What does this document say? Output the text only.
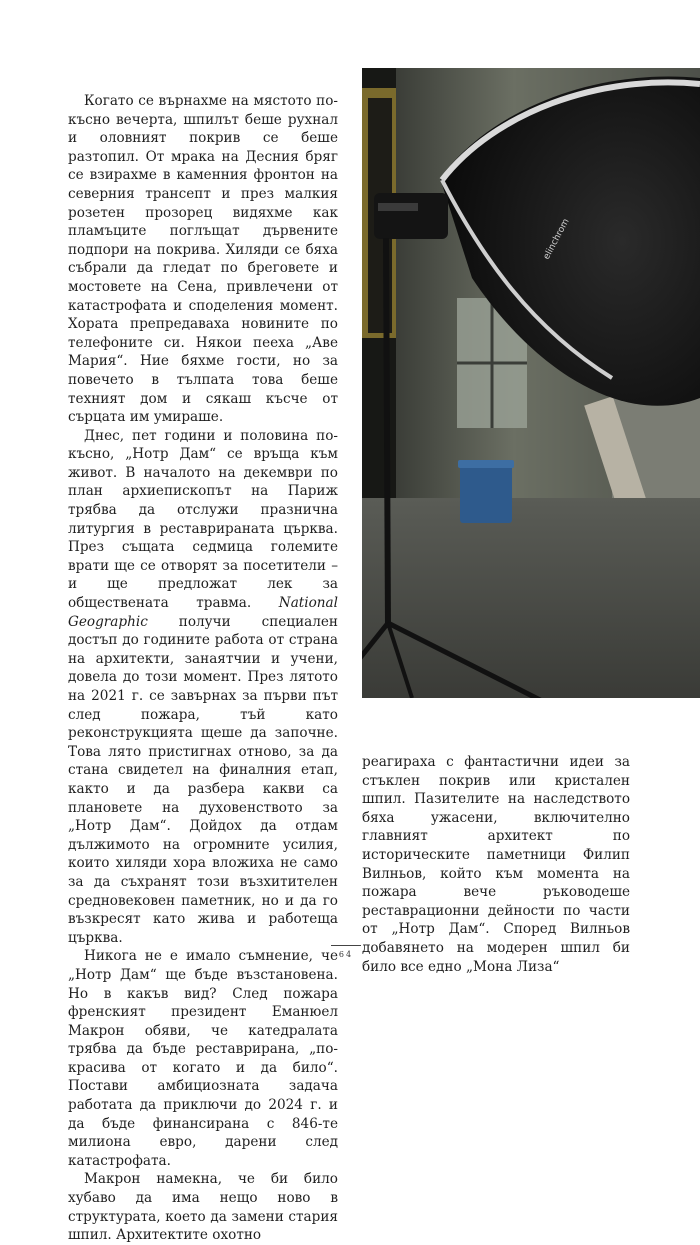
Когато се върнахме на мястото по-късно вечерта, шпилът беше рухнал и оловният покрив се беше разтопил. От мрака на Десния бряг се взирахме в каменния фронтон на северния трансепт и през малкия розетен прозорец видяхме как пламъците поглъщат дървените подпори на покрива. Хиляди се бяха събрали да гледат по бреговете и мостовете на Сена, привлечени от катастрофата и споделения момент. Хората препредаваха новините по телефоните си. Някои пееха „Аве Мария“. Ние бяхме гости, но за повечето в тълпата това беше техният дом и сякаш късче от сърцата им умираше.

Днес, пет години и половина по-късно, „Нотр Дам“ се връща към живот. В началото на декември по план архиепископът на Париж трябва да отслужи празнична литургия в реставрираната църква. През същата седмица големите врати ще се отворят за посетители – и ще предложат лек за обществената травма. National Geographic получи специален достъп до годините работа от страна на архитекти, занаятчии и учени, довела до този момент. През лятото на 2021 г. се завърнах за първи път след пожара, тъй като реконструкцията щеше да започне. Това лято пристигнах отново, за да стана свидетел на финалния етап, както и да разбера какви са плановете на духовенството за „Нотр Дам“. Дойдох да отдам дължимото на огромните усилия, които хиляди хора вложиха не само за да съхранят този възхитителен средновековен паметник, но и да го възкресят като жива и работеща църква.

Никога не е имало съмнение, че „Нотр Дам“ ще бъде възстановена. Но в какъв вид? След пожара френският президент Еманюел Макрон обяви, че катедралата трябва да бъде реставрирана, „по-красива от когато и да било“. Постави амбициозната задача работата да приключи до 2024 г. и да бъде финансирана с 846-те милиона евро, дарени след катастрофата.

Макрон намекна, че би било хубаво да има нещо ново в структурата, което да замени стария шпил. Архитектите охотно

elinchrom

реагираха с фантастични идеи за стъклен покрив или кристален шпил. Пазителите на наследството бяха ужасени, включително главният архитект по историческите паметници Филип Вилньов, който към момента на пожара вече ръководеше реставрационни дейности по части от „Нотр Дам“. Според Вилньов добавянето на модерен шпил би било все едно „Мона Лиза“

64
